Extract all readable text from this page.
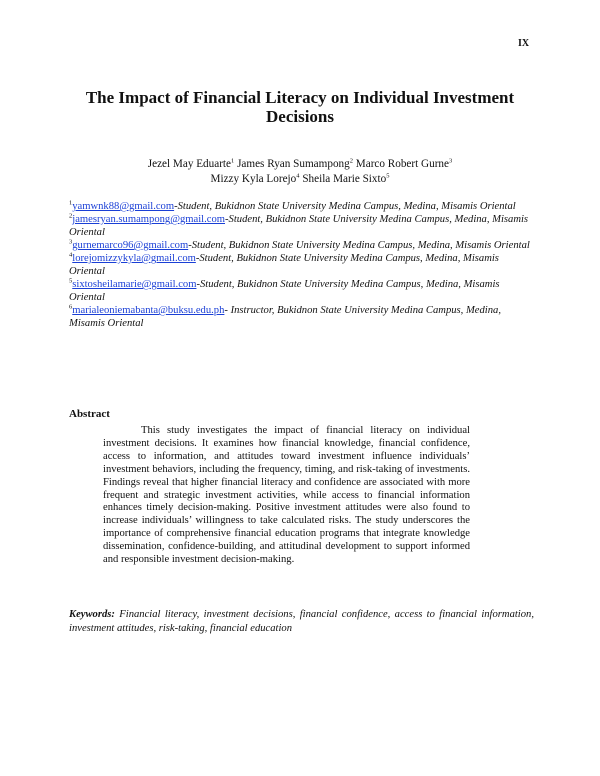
IX
The Impact of Financial Literacy on Individual Investment Decisions
Jezel May Eduarte$^1$ James Ryan Sumampong$^2$ Marco Robert Gurne$^3$
Mizzy Kyla Lorejo$^4$ Sheila Marie Sixto$^5$

$^1$yamwnk88@gmail.com-Student, Bukidnon State University Medina Campus, Medina, Misamis Oriental

$^2$jamesryan.sumampong@gmail.com-Student, Bukidnon State University Medina Campus, Medina, Misamis Oriental

$^3$gurnemarco96@gmail.com-Student, Bukidnon State University Medina Campus, Medina, Misamis Oriental

$^4$lorejomizzykyla@gmail.com-Student, Bukidnon State University Medina Campus, Medina, Misamis Oriental

$^5$sixtosheilamarie@gmail.com-Student, Bukidnon State University Medina Campus, Medina, Misamis Oriental

$^6$marialeoniemabanta@buksu.edu.ph- Instructor, Bukidnon State University Medina Campus, Medina, Misamis Oriental

Abstract

This study investigates the impact of financial literacy on individual investment decisions. It examines how financial knowledge, financial confidence, access to information, and attitudes toward investment influence individuals’ investment behaviors, including the frequency, timing, and risk-taking of investments. Findings reveal that higher financial literacy and confidence are associated with more frequent and strategic investment activities, while access to financial information enhances timely decision-making. Positive investment attitudes were also found to increase individuals’ willingness to take calculated risks. The study underscores the importance of comprehensive financial education programs that integrate knowledge dissemination, confidence-building, and attitudinal development to support informed and responsible investment decision-making.

Keywords: Financial literacy, investment decisions, financial confidence, access to financial information, investment attitudes, risk-taking, financial education
